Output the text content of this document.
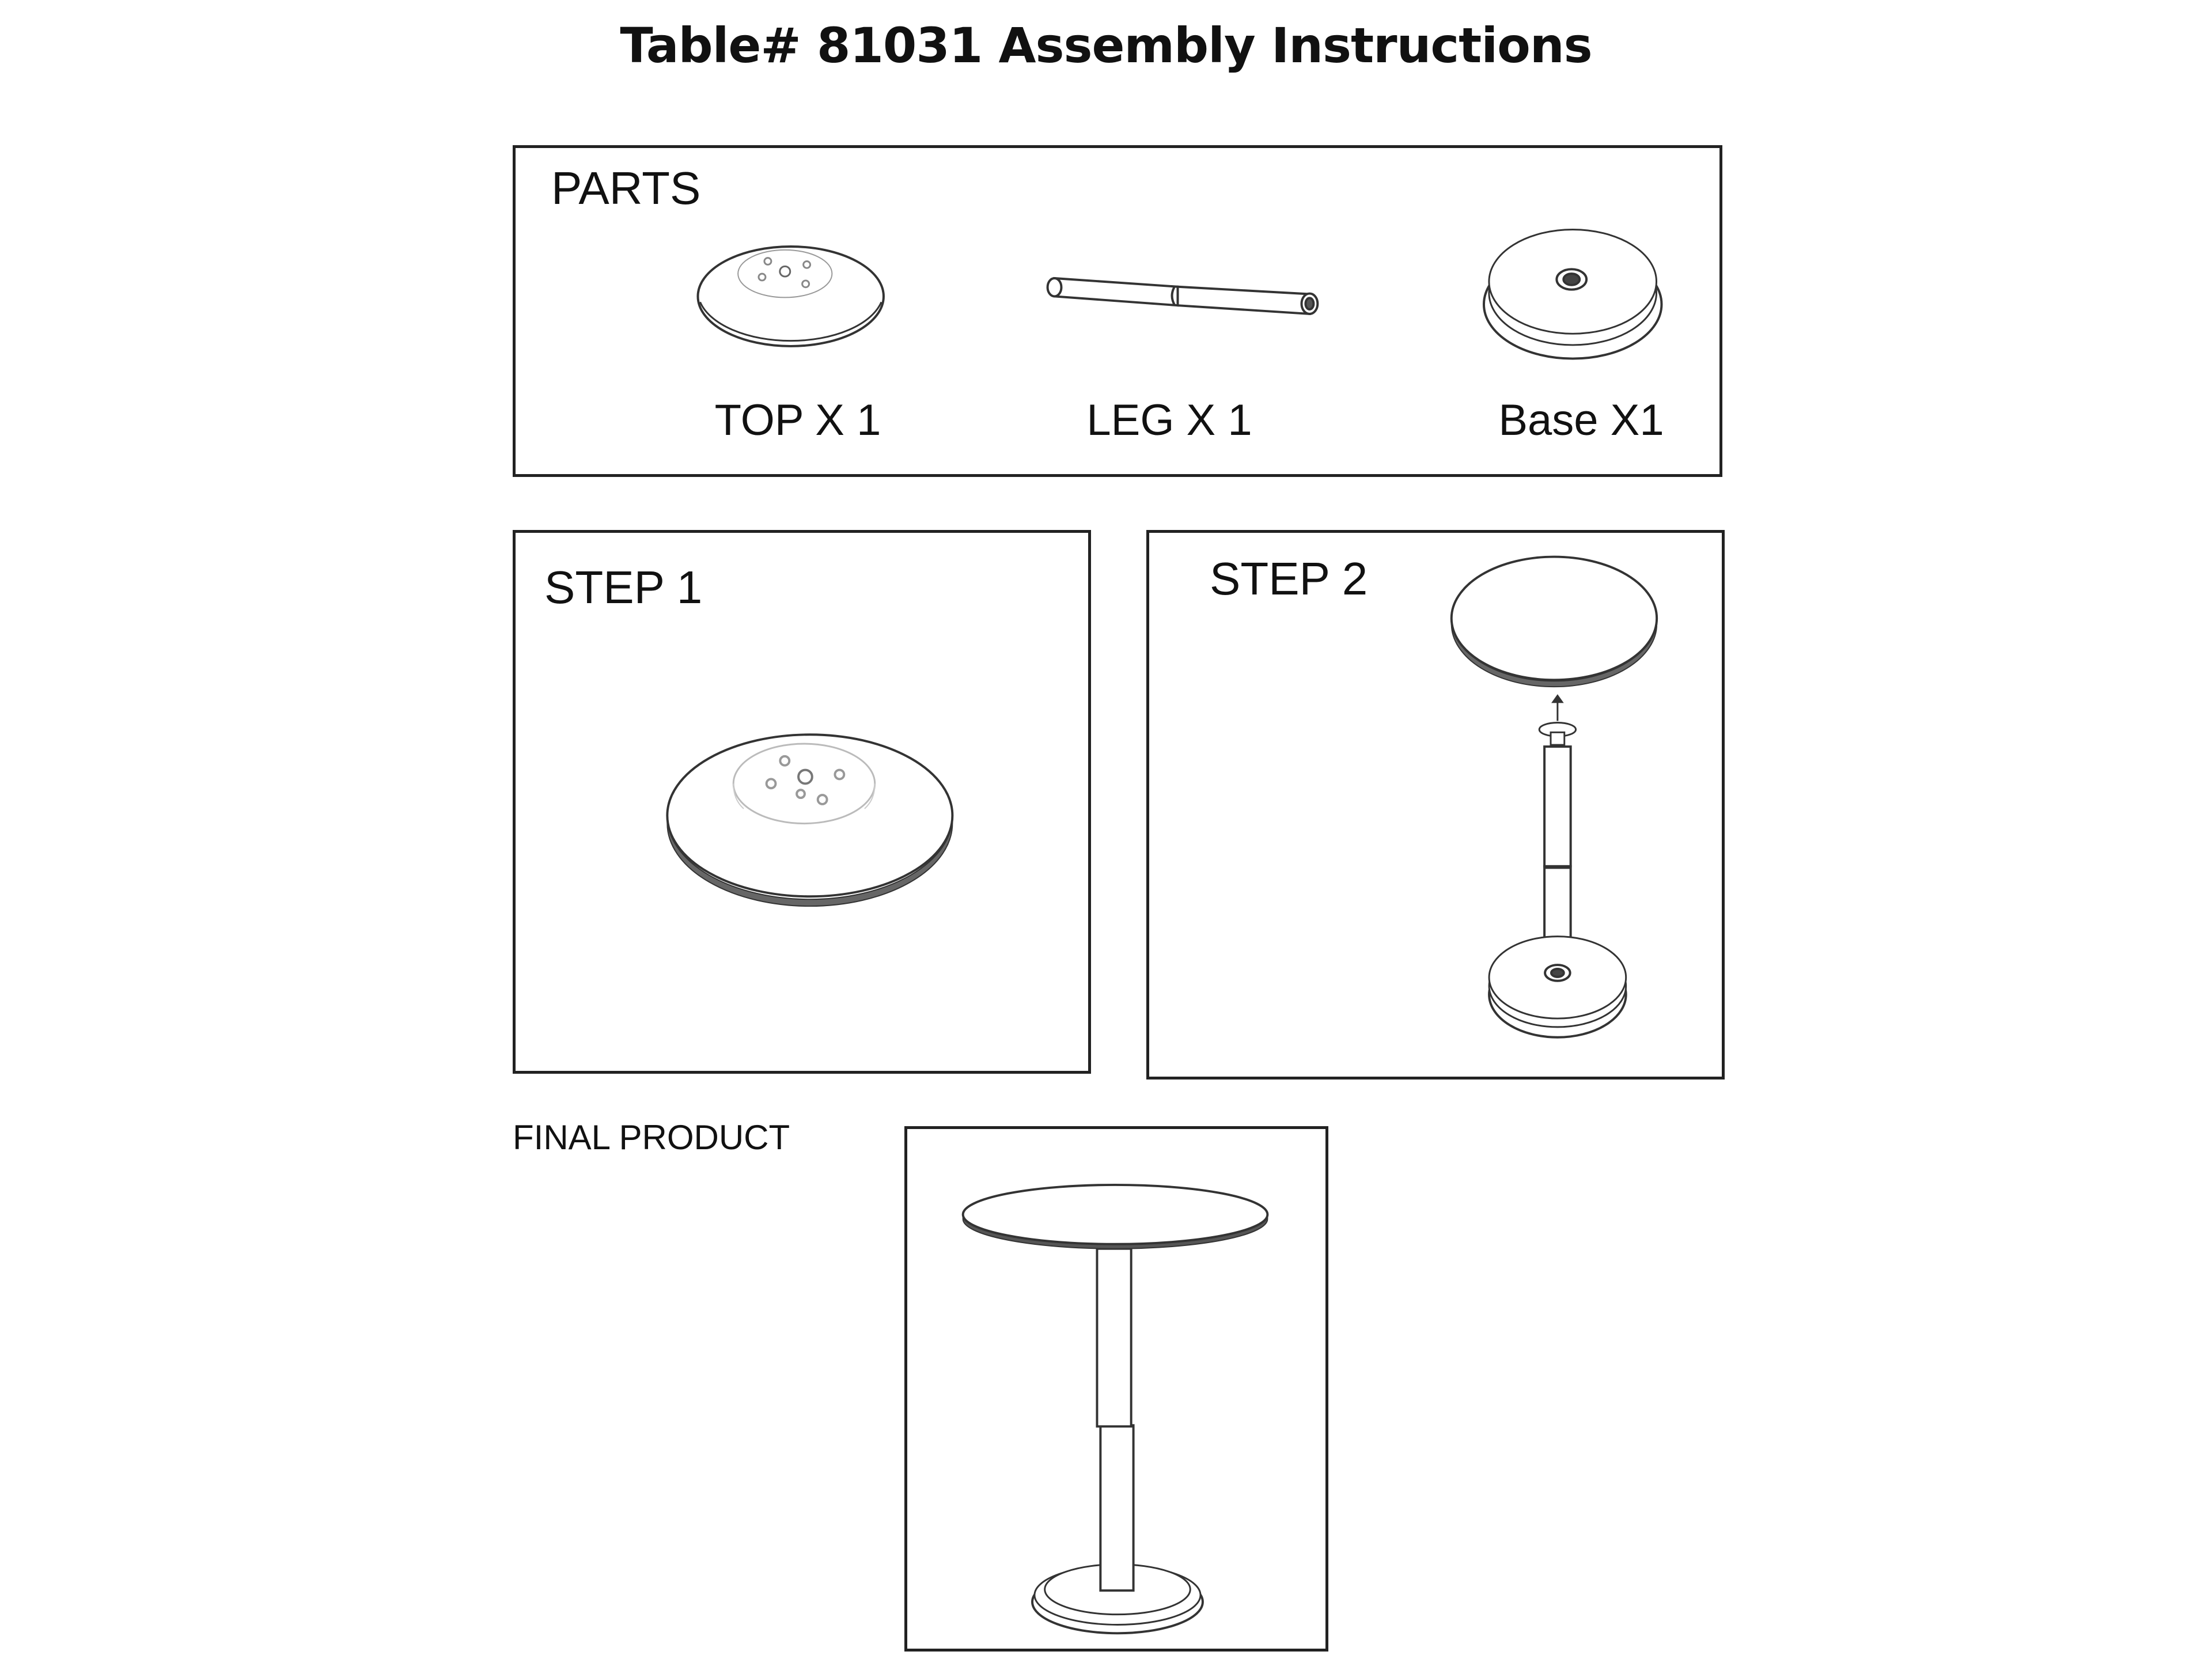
Table# 81031 Assembly Instructions
PARTS
TOP X 1	LEG X 1	Base X1
STEP 1	STEP 2
FINAL PRODUCT
